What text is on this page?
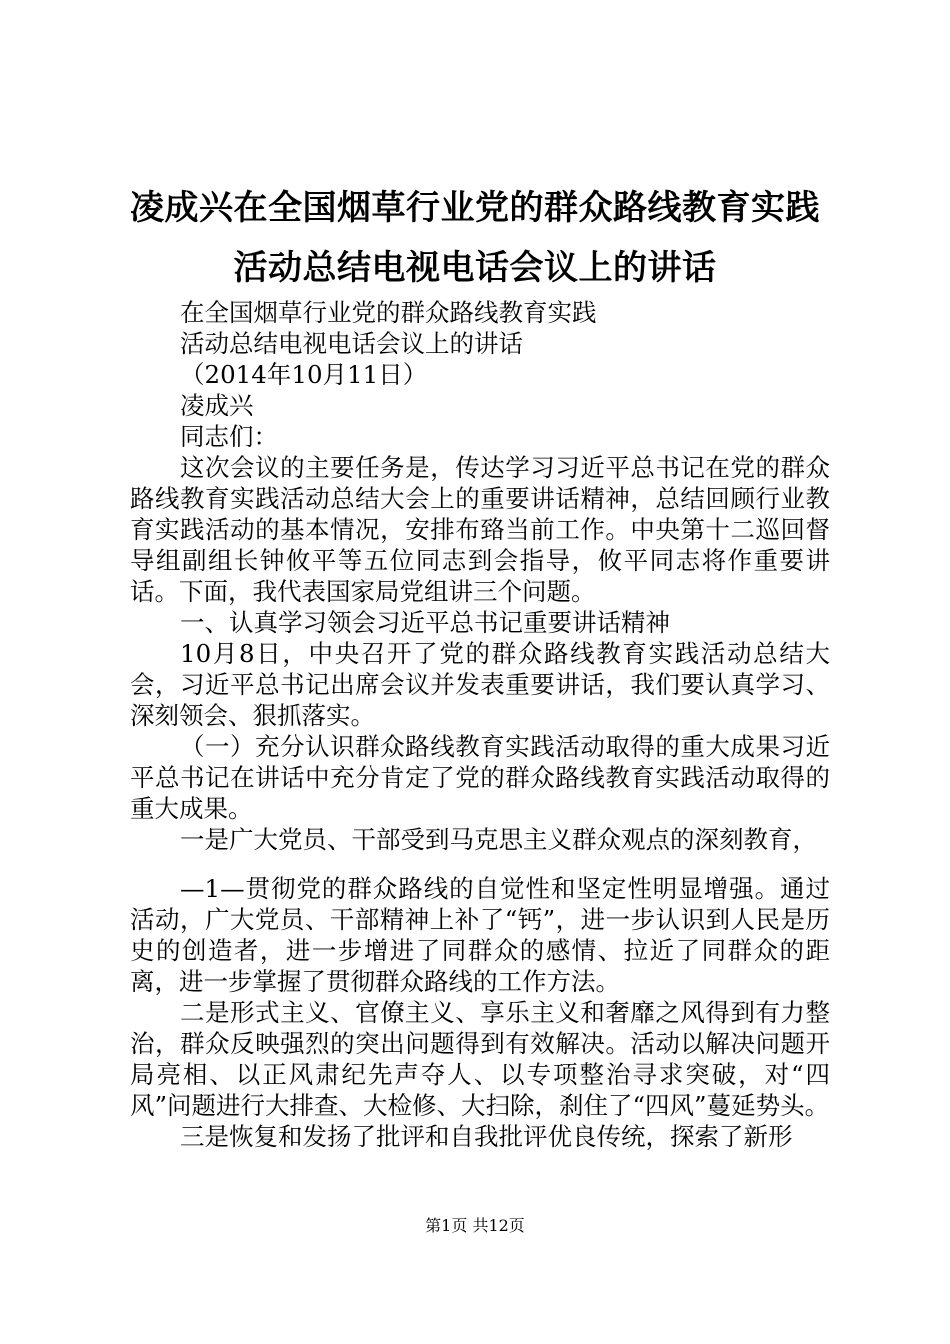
凌成兴在全国烟草行业党的群众路线教育实践
活动总结电视电话会议上的讲话

在全国烟草行业党的群众路线教育实践

活动总结电视电话会议上的讲话

（2014年10月11日）

凌成兴

同志们：

这次会议的主要任务是，传达学习习近平总书记在党的群众路线教育实践活动总结大会上的重要讲话精神，总结回顾行业教育实践活动的基本情况，安排布臵当前工作。中央第十二巡回督导组副组长钟攸平等五位同志到会指导，攸平同志将作重要讲话。下面，我代表国家局党组讲三个问题。

一、认真学习领会习近平总书记重要讲话精神

10月8日，中央召开了党的群众路线教育实践活动总结大会，习近平总书记出席会议并发表重要讲话，我们要认真学习、深刻领会、狠抓落实。

（一）充分认识群众路线教育实践活动取得的重大成果习近平总书记在讲话中充分肯定了党的群众路线教育实践活动取得的重大成果。

一是广大党员、干部受到马克思主义群众观点的深刻教育，

—1—贯彻党的群众路线的自觉性和坚定性明显增强。通过活动，广大党员、干部精神上补了“钙”，进一步认识到人民是历史的创造者，进一步增进了同群众的感情、拉近了同群众的距离，进一步掌握了贯彻群众路线的工作方法。

二是形式主义、官僚主义、享乐主义和奢靡之风得到有力整治，群众反映强烈的突出问题得到有效解决。活动以解决问题开局亮相、以正风肃纪先声夺人、以专项整治寻求突破，对“四风”问题进行大排查、大检修、大扫除，刹住了“四风”蔓延势头。

三是恢复和发扬了批评和自我批评优良传统，探索了新形

第1页 共12页
